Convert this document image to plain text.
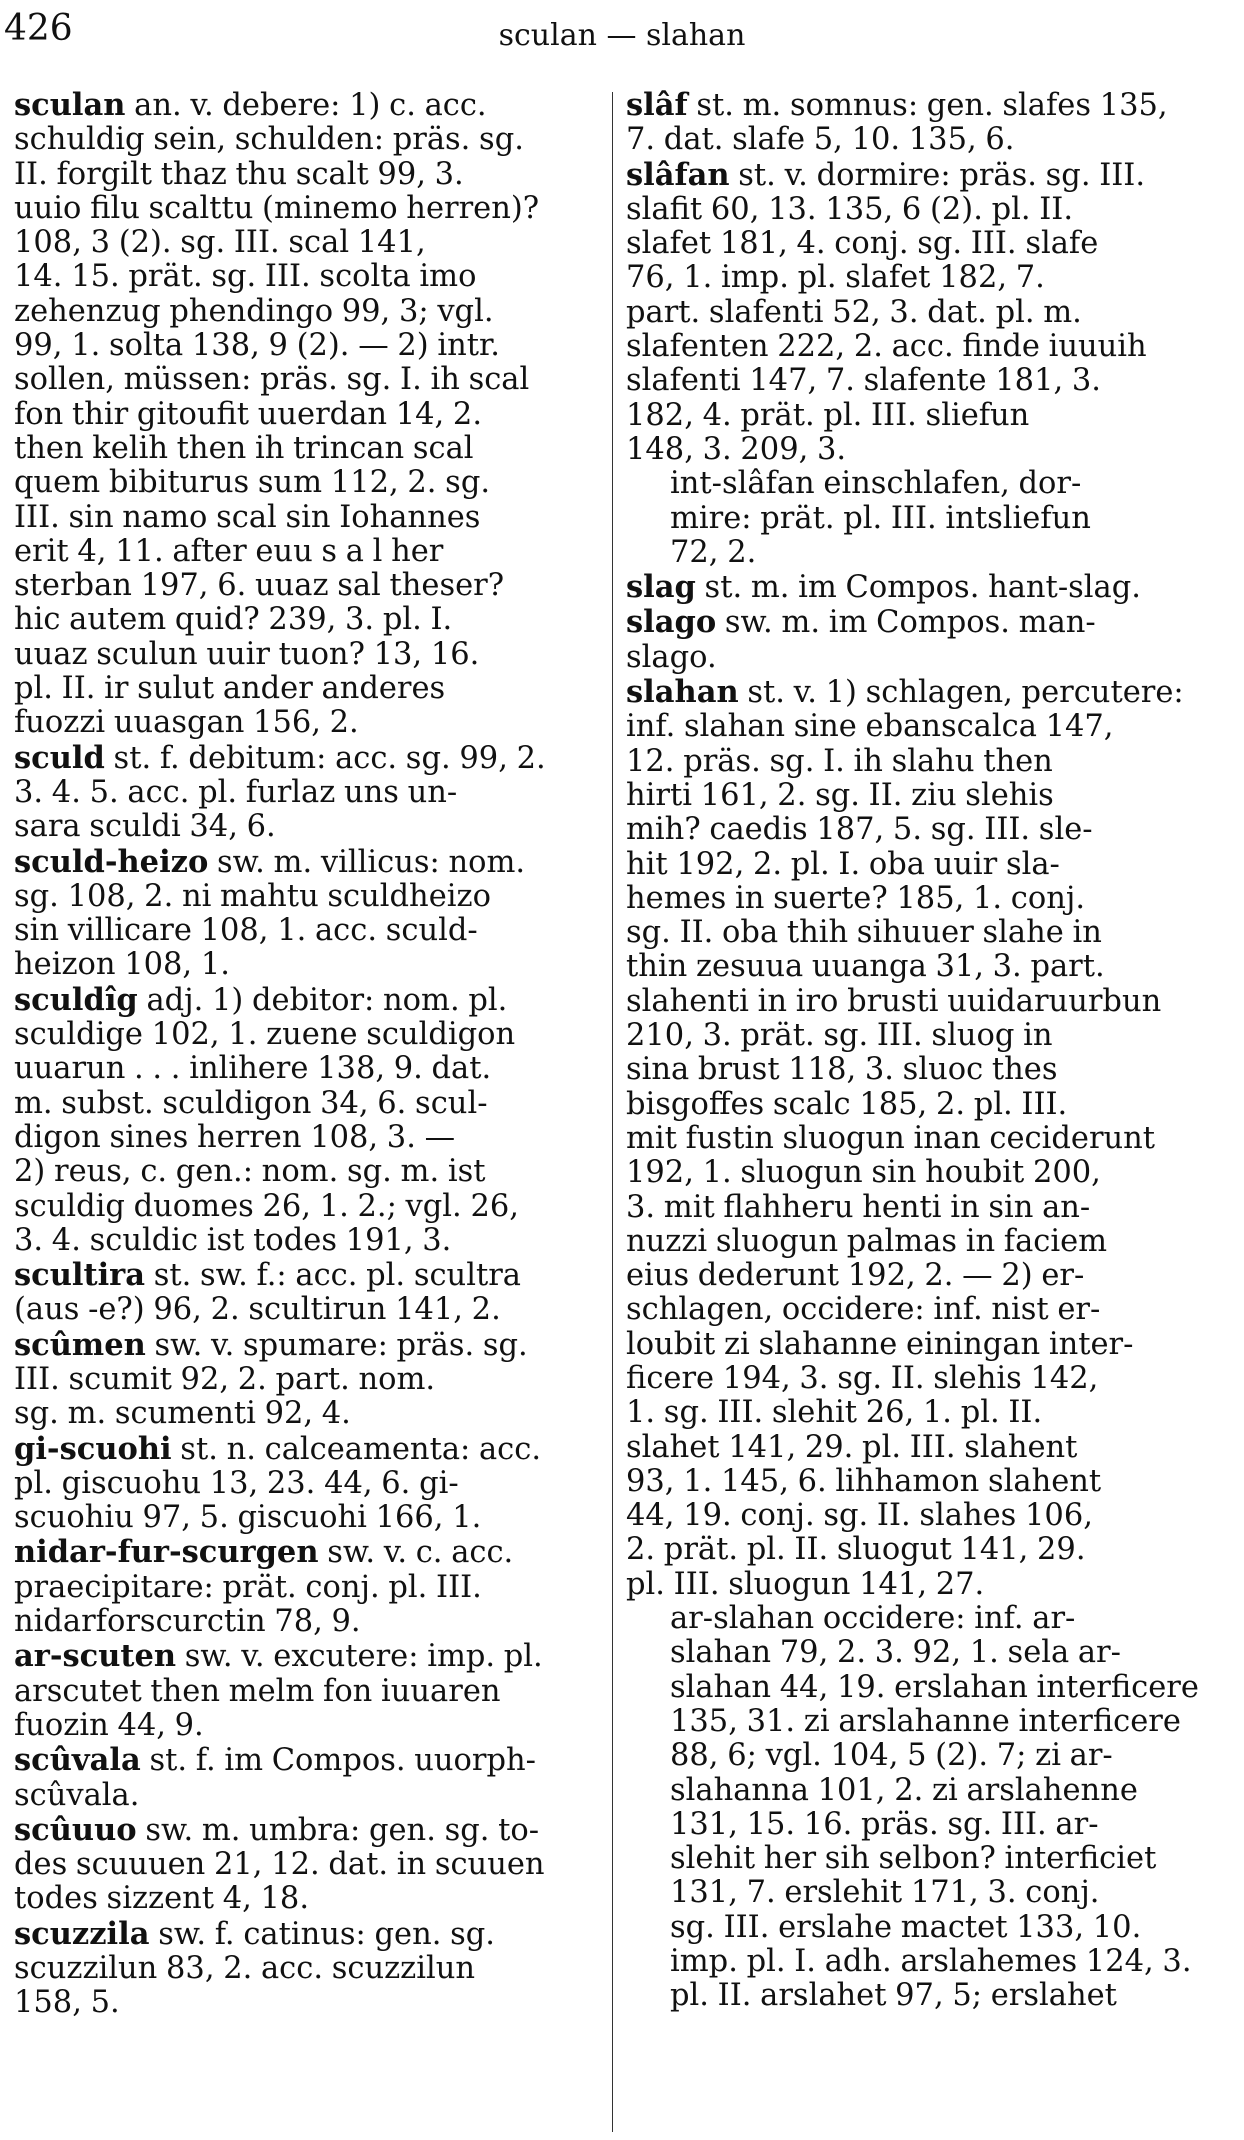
426	sculan — slahan

sculan an. v. debere: 1) c. acc.
schuldig sein, schulden: präs. sg.
II. forgilt thaz thu scalt 99, 3.
uuio filu scalttu (minemo herren)?
108, 3 (2). sg. III. scal 141,
14. 15. prät. sg. III. scolta imo
zehenzug phendingo 99, 3; vgl.
99, 1. solta 138, 9 (2). — 2) intr.
sollen, müssen: präs. sg. I. ih scal
fon thir gitoufit uuerdan 14, 2.
then kelih then ih trincan scal
quem bibiturus sum 112, 2. sg.
III. sin namo scal sin Iohannes
erit 4, 11. after euu s a l her
sterban 197, 6. uuaz sal theser?
hic autem quid? 239, 3. pl. I.
uuaz sculun uuir tuon? 13, 16.
pl. II. ir sulut ander anderes
fuozzi uuasgan 156, 2.

sculd st. f. debitum: acc. sg. 99, 2.
3. 4. 5. acc. pl. furlaz uns un-
sara sculdi 34, 6.

sculd-heizo sw. m. villicus: nom.
sg. 108, 2. ni mahtu sculdheizo
sin villicare 108, 1. acc. sculd-
heizon 108, 1.

sculdîg adj. 1) debitor: nom. pl.
sculdige 102, 1. zuene sculdigon
uuarun . . . inlihere 138, 9. dat.
m. subst. sculdigon 34, 6. scul-
digon sines herren 108, 3. —
2) reus, c. gen.: nom. sg. m. ist
sculdig duomes 26, 1. 2.; vgl. 26,
3. 4. sculdic ist todes 191, 3.

scultira st. sw. f.: acc. pl. scultra
(aus -e?) 96, 2. scultirun 141, 2.

scûmen sw. v. spumare: präs. sg.
III. scumit 92, 2. part. nom.
sg. m. scumenti 92, 4.

gi-scuohi st. n. calceamenta: acc.
pl. giscuohu 13, 23. 44, 6. gi-
scuohiu 97, 5. giscuohi 166, 1.

nidar-fur-scurgen sw. v. c. acc.
praecipitare: prät. conj. pl. III.
nidarforscurctin 78, 9.

ar-scuten sw. v. excutere: imp. pl.
arscutet then melm fon iuuaren
fuozin 44, 9.

scûvala st. f. im Compos. uuorph-
scûvala.

scûuuo sw. m. umbra: gen. sg. to-
des scuuuen 21, 12. dat. in scuuen
todes sizzent 4, 18.

scuzzila sw. f. catinus: gen. sg.
scuzzilun 83, 2. acc. scuzzilun
158, 5.

slâf st. m. somnus: gen. slafes 135,
7. dat. slafe 5, 10. 135, 6.

slâfan st. v. dormire: präs. sg. III.
slafit 60, 13. 135, 6 (2). pl. II.
slafet 181, 4. conj. sg. III. slafe
76, 1. imp. pl. slafet 182, 7.
part. slafenti 52, 3. dat. pl. m.
slafenten 222, 2. acc. finde iuuuih
slafenti 147, 7. slafente 181, 3.
182, 4. prät. pl. III. sliefun
148, 3. 209, 3.

int-slâfan einschlafen, dor-
mire: prät. pl. III. intsliefun
72, 2.

slag st. m. im Compos. hant-slag.

slago sw. m. im Compos. man-
slago.

slahan st. v. 1) schlagen, percutere:
inf. slahan sine ebanscalca 147,
12. präs. sg. I. ih slahu then
hirti 161, 2. sg. II. ziu slehis
mih? caedis 187, 5. sg. III. sle-
hit 192, 2. pl. I. oba uuir sla-
hemes in suerte? 185, 1. conj.
sg. II. oba thih sihuuer slahe in
thin zesuua uuanga 31, 3. part.
slahenti in iro brusti uuidaruurbun
210, 3. prät. sg. III. sluog in
sina brust 118, 3. sluoc thes
bisgoffes scalc 185, 2. pl. III.
mit fustin sluogun inan ceciderunt
192, 1. sluogun sin houbit 200,
3. mit flahheru henti in sin an-
nuzzi sluogun palmas in faciem
eius dederunt 192, 2. — 2) er-
schlagen, occidere: inf. nist er-
loubit zi slahanne einingan inter-
ficere 194, 3. sg. II. slehis 142,
1. sg. III. slehit 26, 1. pl. II.
slahet 141, 29. pl. III. slahent
93, 1. 145, 6. lihhamon slahent
44, 19. conj. sg. II. slahes 106,
2. prät. pl. II. sluogut 141, 29.
pl. III. sluogun 141, 27.

ar-slahan occidere: inf. ar-
slahan 79, 2. 3. 92, 1. sela ar-
slahan 44, 19. erslahan interficere
135, 31. zi arslahanne interficere
88, 6; vgl. 104, 5 (2). 7; zi ar-
slahanna 101, 2. zi arslahenne
131, 15. 16. präs. sg. III. ar-
slehit her sih selbon? interficiet
131, 7. erslehit 171, 3. conj.
sg. III. erslahe mactet 133, 10.
imp. pl. I. adh. arslahemes 124, 3.
pl. II. arslahet 97, 5; erslahet
